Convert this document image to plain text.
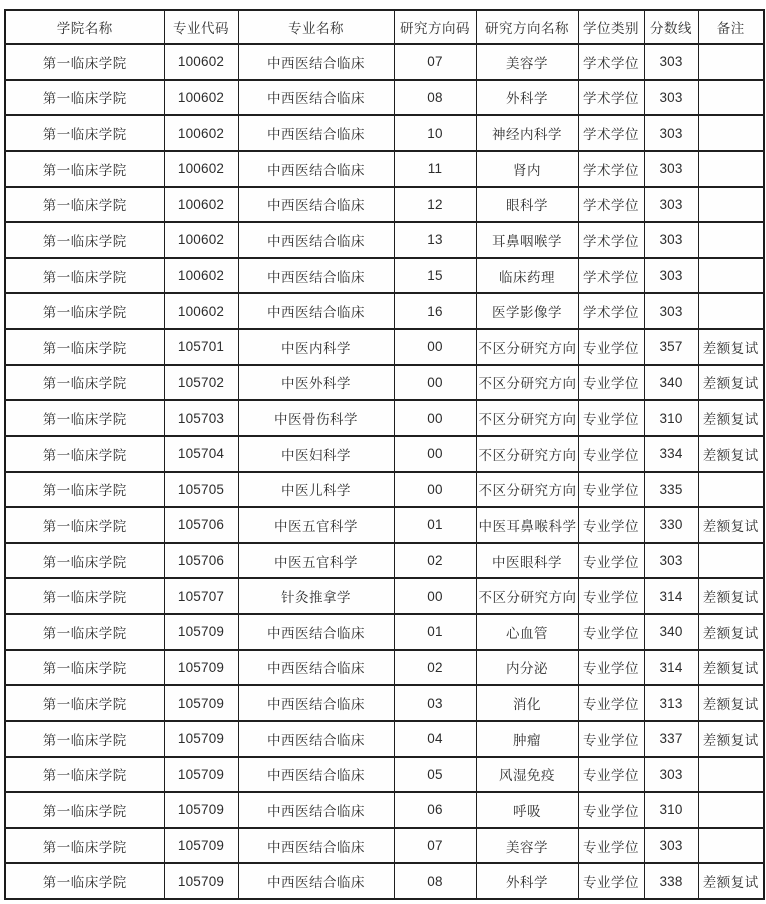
学院名称	专业代码	专业名称	研究方向码	研究方向名称	学位类别	分数线	备注
第一临床学院	100602	中西医结合临床	07	美容学	学术学位	303	
第一临床学院	100602	中西医结合临床	08	外科学	学术学位	303	
第一临床学院	100602	中西医结合临床	10	神经内科学	学术学位	303	
第一临床学院	100602	中西医结合临床	11	肾内	学术学位	303	
第一临床学院	100602	中西医结合临床	12	眼科学	学术学位	303	
第一临床学院	100602	中西医结合临床	13	耳鼻咽喉学	学术学位	303	
第一临床学院	100602	中西医结合临床	15	临床药理	学术学位	303	
第一临床学院	100602	中西医结合临床	16	医学影像学	学术学位	303	
第一临床学院	105701	中医内科学	00	不区分研究方向	专业学位	357	差额复试
第一临床学院	105702	中医外科学	00	不区分研究方向	专业学位	340	差额复试
第一临床学院	105703	中医骨伤科学	00	不区分研究方向	专业学位	310	差额复试
第一临床学院	105704	中医妇科学	00	不区分研究方向	专业学位	334	差额复试
第一临床学院	105705	中医儿科学	00	不区分研究方向	专业学位	335	
第一临床学院	105706	中医五官科学	01	中医耳鼻喉科学	专业学位	330	差额复试
第一临床学院	105706	中医五官科学	02	中医眼科学	专业学位	303	
第一临床学院	105707	针灸推拿学	00	不区分研究方向	专业学位	314	差额复试
第一临床学院	105709	中西医结合临床	01	心血管	专业学位	340	差额复试
第一临床学院	105709	中西医结合临床	02	内分泌	专业学位	314	差额复试
第一临床学院	105709	中西医结合临床	03	消化	专业学位	313	差额复试
第一临床学院	105709	中西医结合临床	04	肿瘤	专业学位	337	差额复试
第一临床学院	105709	中西医结合临床	05	风湿免疫	专业学位	303	
第一临床学院	105709	中西医结合临床	06	呼吸	专业学位	310	
第一临床学院	105709	中西医结合临床	07	美容学	专业学位	303	
第一临床学院	105709	中西医结合临床	08	外科学	专业学位	338	差额复试
